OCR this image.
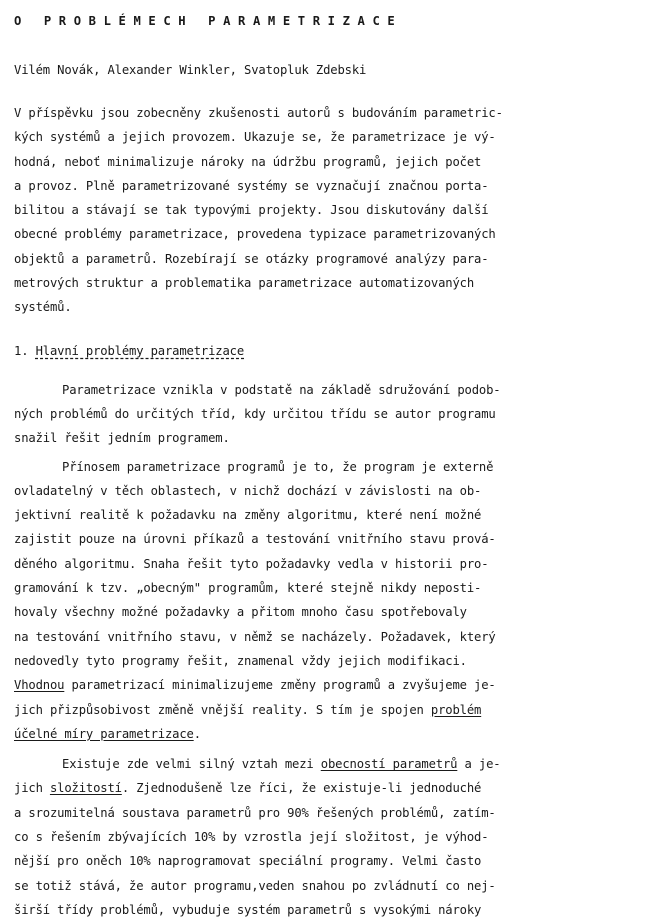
O PROBLÉMECH PARAMETRIZACE

Vilém Novák, Alexander Winkler, Svatopluk Zdebski

V příspěvku jsou zobecněny zkušenosti autorů s budováním parametric-
kých systémů a jejich provozem. Ukazuje se, že parametrizace je vý-
hodná, neboť minimalizuje nároky na údržbu programů, jejich počet
a provoz. Plně parametrizované systémy se vyznačují značnou porta-
bilitou a stávají se tak typovými projekty. Jsou diskutovány další
obecné problémy parametrizace, provedena typizace parametrizovaných
objektů a parametrů. Rozebírají se otázky programové analýzy para-
metrových struktur a problematika parametrizace automatizovaných
systémů.

1. Hlavní problémy parametrizace

Parametrizace vznikla v podstatě na základě sdružování podob-
ných problémů do určitých tříd, kdy určitou třídu se autor programu
snažil řešit jedním programem.
Přínosem parametrizace programů je to, že program je externě
ovladatelný v těch oblastech, v nichž dochází v závislosti na ob-
jektivní realitě k požadavku na změny algoritmu, které není možné
zajistit pouze na úrovni příkazů a testování vnitřního stavu prová-
děného algoritmu. Snaha řešit tyto požadavky vedla v historii pro-
gramování k tzv. „obecným" programům, které stejně nikdy neposti-
hovaly všechny možné požadavky a přitom mnoho času spotřebovaly
na testování vnitřního stavu, v němž se nacházely. Požadavek, který
nedovedly tyto programy řešit, znamenal vždy jejich modifikaci.
Vhodnou parametrizací minimalizujeme změny programů a zvyšujeme je-
jich přizpůsobivost změně vnější reality. S tím je spojen problém
účelné míry parametrizace.
Existuje zde velmi silný vztah mezi obecností parametrů a je-
jich složitostí. Zjednodušeně lze říci, že existuje-li jednoduché
a srozumitelná soustava parametrů pro 90% řešených problémů, zatím-
co s řešením zbývajících 10% by vzrostla její složitost, je výhod-
nější pro oněch 10% naprogramovat speciální programy. Velmi často
se totiž stává, že autor programu,veden snahou po zvládnutí co nej-
širší třídy problémů, vybuduje systém parametrů s vysokými nároky
